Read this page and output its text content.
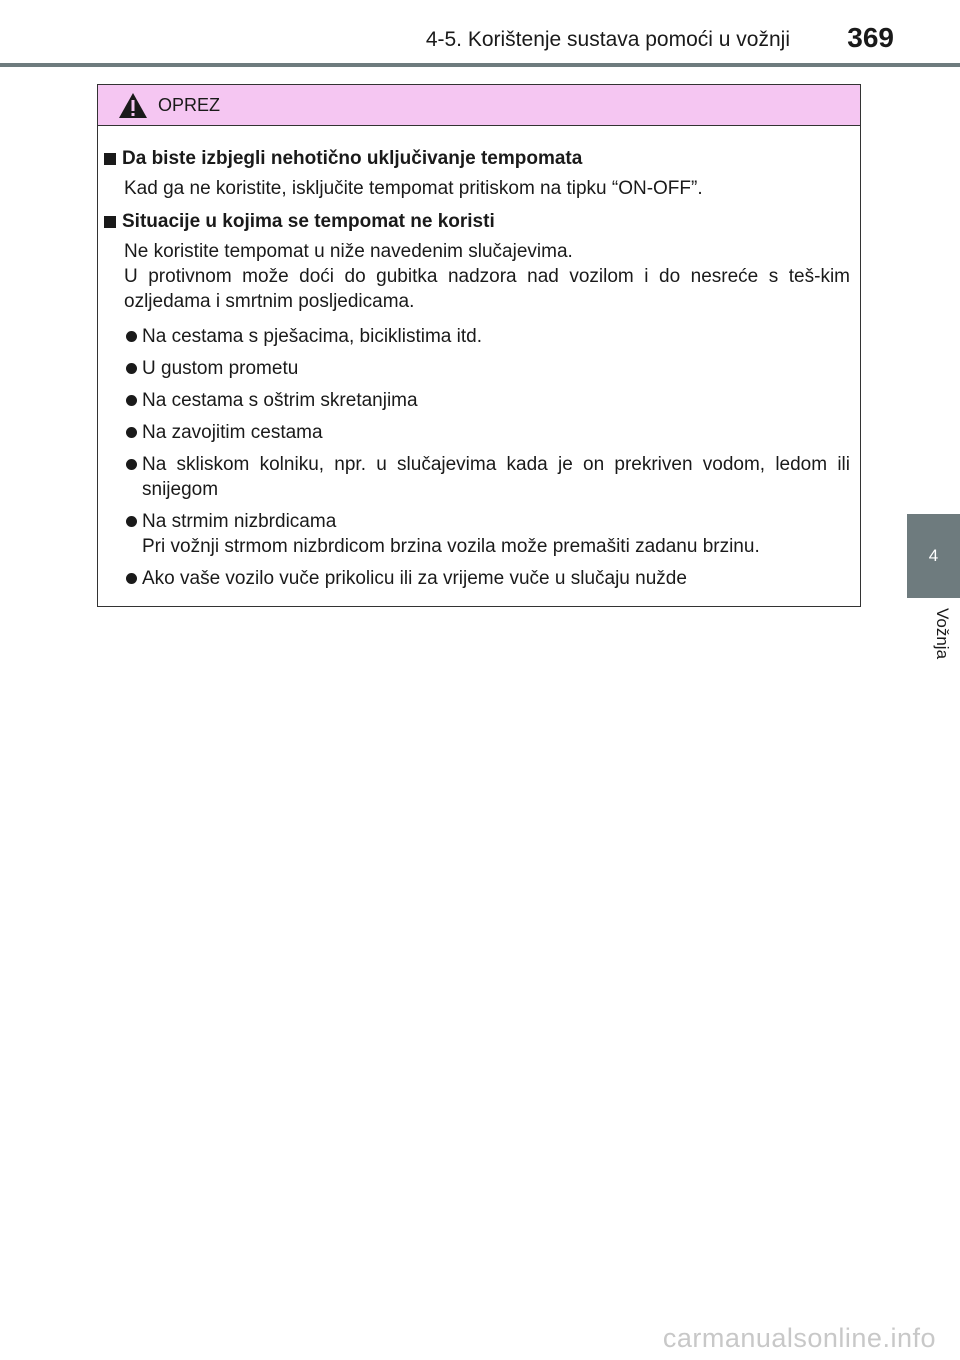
4-5. Korištenje sustava pomoći u vožnji 369
4
Vožnja
OPREZ
Da biste izbjegli nehotično uključivanje tempomata
Kad ga ne koristite, isključite tempomat pritiskom na tipku “ON-OFF”.
Situacije u kojima se tempomat ne koristi
Ne koristite tempomat u niže navedenim slučajevima.
U protivnom može doći do gubitka nadzora nad vozilom i do nesreće s teš-kim ozljedama i smrtnim posljedicama.
Na cestama s pješacima, biciklistima itd.
U gustom prometu
Na cestama s oštrim skretanjima
Na zavojitim cestama
Na skliskom kolniku, npr. u slučajevima kada je on prekriven vodom, ledom ili snijegom
Na strmim nizbrdicama
Pri vožnji strmom nizbrdicom brzina vozila može premašiti zadanu brzinu.
Ako vaše vozilo vuče prikolicu ili za vrijeme vuče u slučaju nužde
carmanualsonline.info
